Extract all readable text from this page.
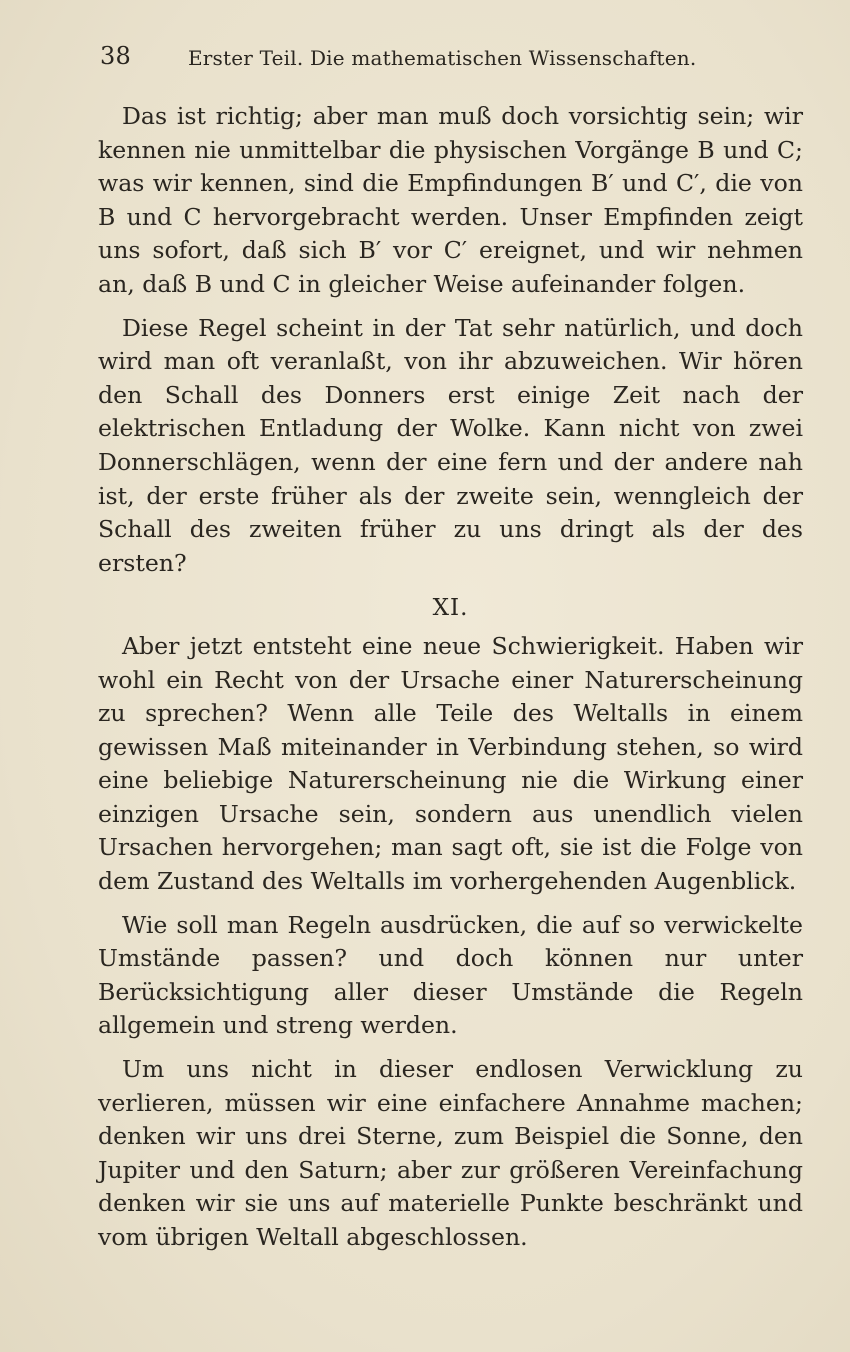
38	Erster Teil. Die mathematischen Wissenschaften.

Das ist richtig; aber man muß doch vorsichtig sein; wir kennen nie unmittelbar die physischen Vorgänge B und C; was wir kennen, sind die Empfindungen B′ und C′, die von B und C hervorgebracht werden. Unser Empfinden zeigt uns sofort, daß sich B′ vor C′ ereignet, und wir nehmen an, daß B und C in gleicher Weise aufeinander folgen.

Diese Regel scheint in der Tat sehr natürlich, und doch wird man oft veranlaßt, von ihr abzuweichen. Wir hören den Schall des Donners erst einige Zeit nach der elektrischen Entladung der Wolke. Kann nicht von zwei Donnerschlägen, wenn der eine fern und der andere nah ist, der erste früher als der zweite sein, wenngleich der Schall des zweiten früher zu uns dringt als der des ersten?

XI.

Aber jetzt entsteht eine neue Schwierigkeit. Haben wir wohl ein Recht von der Ursache einer Naturerscheinung zu sprechen? Wenn alle Teile des Weltalls in einem gewissen Maß miteinander in Verbindung stehen, so wird eine beliebige Naturerscheinung nie die Wirkung einer einzigen Ursache sein, sondern aus unendlich vielen Ursachen hervorgehen; man sagt oft, sie ist die Folge von dem Zustand des Weltalls im vorhergehenden Augenblick.

Wie soll man Regeln ausdrücken, die auf so verwickelte Umstände passen? und doch können nur unter Berücksichtigung aller dieser Umstände die Regeln allgemein und streng werden.

Um uns nicht in dieser endlosen Verwicklung zu verlieren, müssen wir eine einfachere Annahme machen; denken wir uns drei Sterne, zum Beispiel die Sonne, den Jupiter und den Saturn; aber zur größeren Vereinfachung denken wir sie uns auf materielle Punkte beschränkt und vom übrigen Weltall abgeschlossen.
